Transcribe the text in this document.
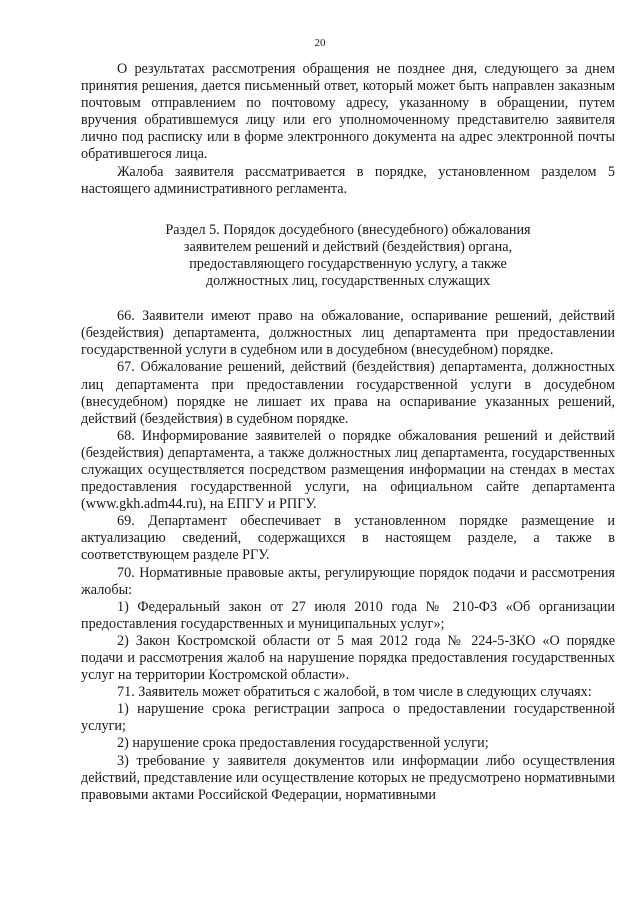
20

О результатах рассмотрения обращения не позднее дня, следующего за днем принятия решения, дается письменный ответ, который может быть направлен заказным почтовым отправлением по почтовому адресу, указанному в обращении, путем вручения обратившемуся лицу или его уполномоченному представителю заявителя лично под расписку или в форме электронного документа на адрес электронной почты обратившегося лица.

Жалоба заявителя рассматривается в порядке, установленном разделом 5 настоящего административного регламента.

Раздел 5. Порядок досудебного (внесудебного) обжалования
заявителем решений и действий (бездействия) органа,
предоставляющего государственную услугу, а также
должностных лиц, государственных служащих

66. Заявители имеют право на обжалование, оспаривание решений, действий (бездействия) департамента, должностных лиц департамента при предоставлении государственной услуги в судебном или в досудебном (внесудебном) порядке.

67. Обжалование решений, действий (бездействия) департамента, должностных лиц департамента при предоставлении государственной услуги в досудебном (внесудебном) порядке не лишает их права на оспаривание указанных решений, действий (бездействия) в судебном порядке.

68. Информирование заявителей о порядке обжалования решений и действий (бездействия) департамента, а также должностных лиц департамента, государственных служащих осуществляется посредством размещения информации на стендах в местах предоставления государственной услуги, на официальном сайте департамента (www.gkh.adm44.ru), на ЕПГУ и РПГУ.

69. Департамент обеспечивает в установленном порядке размещение и актуализацию сведений, содержащихся в настоящем разделе, а также в соответствующем разделе РГУ.

70. Нормативные правовые акты, регулирующие порядок подачи и рассмотрения жалобы:

1) Федеральный закон от 27 июля 2010 года № 210-ФЗ «Об организации предоставления государственных и муниципальных услуг»;

2) Закон Костромской области от 5 мая 2012 года № 224-5-ЗКО «О порядке подачи и рассмотрения жалоб на нарушение порядка предоставления государственных услуг на территории Костромской области».

71. Заявитель может обратиться с жалобой, в том числе в следующих случаях:

1) нарушение срока регистрации запроса о предоставлении государственной услуги;

2) нарушение срока предоставления государственной услуги;

3) требование у заявителя документов или информации либо осуществления действий, представление или осуществление которых не предусмотрено нормативными правовыми актами Российской Федерации, нормативными
